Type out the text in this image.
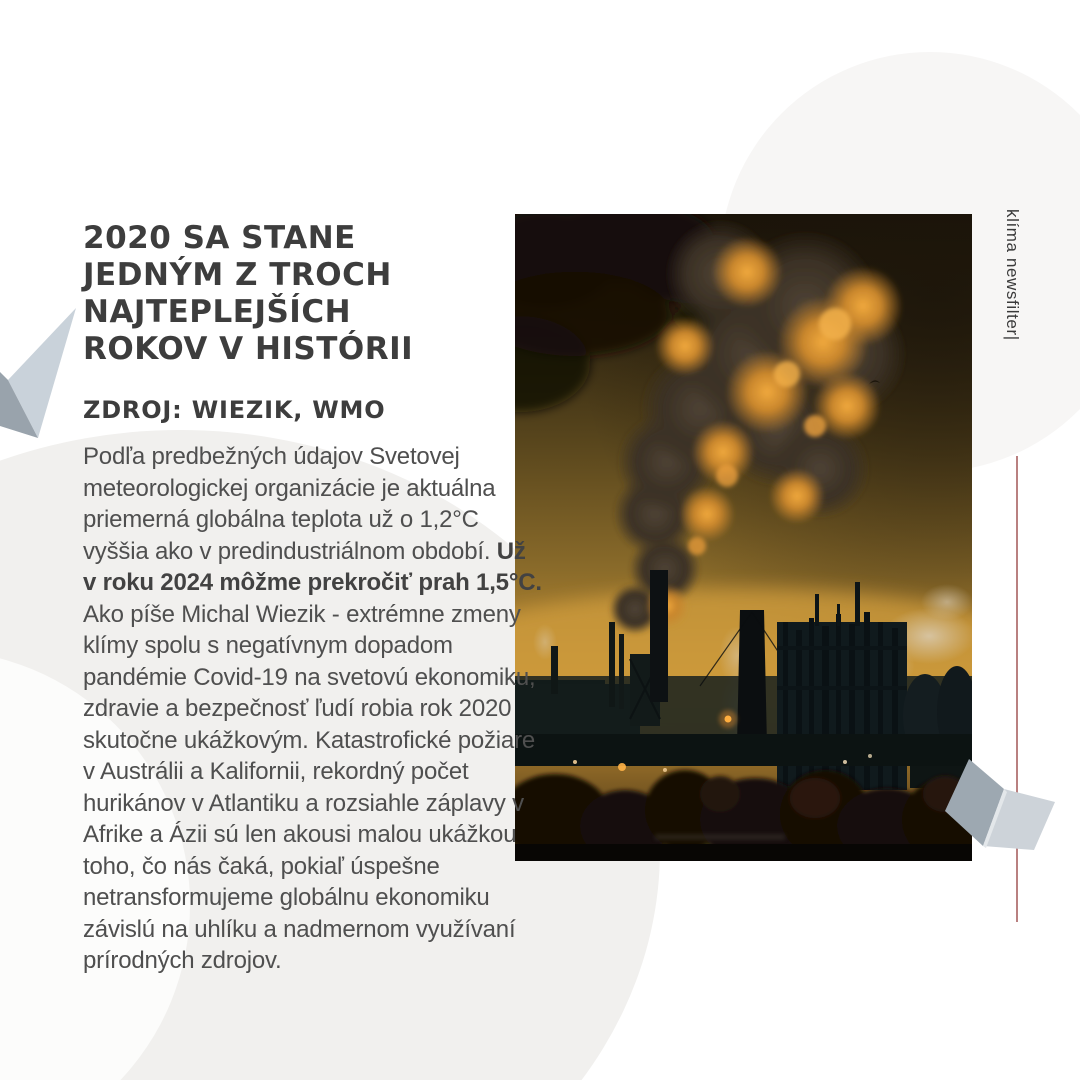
2020 SA STANE
JEDNÝM Z TROCH
NAJTEPLEJŠÍCH
ROKOV V HISTÓRII
ZDROJ: WIEZIK, WMO
Podľa predbežných údajov Svetovej meteorologickej organizácie je aktuálna priemerná globálna teplota už o 1,2°C vyššia ako v predindustriálnom období. Už v roku 2024 môžme prekročiť prah 1,5°C. Ako píše Michal Wiezik - extrémne zmeny klímy spolu s negatívnym dopadom pandémie Covid-19 na svetovú ekonomiku, zdravie a bezpečnosť ľudí robia rok 2020 skutočne ukážkovým. Katastrofické požiare v Austrálii a Kalifornii, rekordný počet hurikánov v Atlantiku a rozsiahle záplavy v Afrike a Ázii sú len akousi malou ukážkou toho, čo nás čaká, pokiaľ úspešne netransformujeme globálnu ekonomiku závislú na uhlíku a nadmernom využívaní prírodných zdrojov.
klíma newsfilter|
